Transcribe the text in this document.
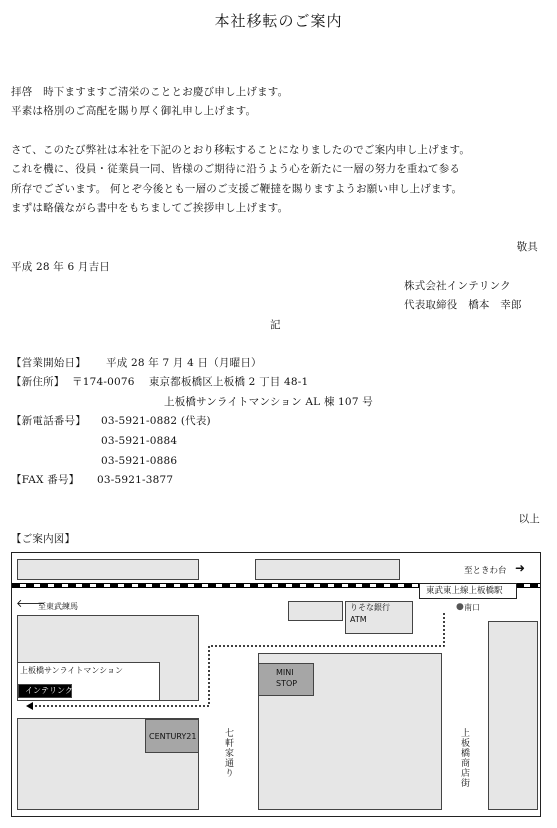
本社移転のご案内
拝啓　時下ますますご清栄のこととお慶び申し上げます。
平素は格別のご高配を賜り厚く御礼申し上げます。
さて、このたび弊社は本社を下記のとおり移転することになりましたのでご案内申し上げます。
これを機に、役員・従業員一同、皆様のご期待に沿うよう心を新たに一層の努力を重ねて参る
所存でございます。 何とぞ今後とも一層のご支援ご鞭撻を賜りますようお願い申し上げます。
まずは略儀ながら書中をもちましてご挨拶申し上げます。
敬具
平成 28 年 6 月吉日
株式会社インテリンク
代表取締役　橋本　幸郎
記
【営業開始日】 平成 28 年 7 月 4 日（月曜日）
【新住所】 〒174-0076　 東京都板橋区上板橋 2 丁目 48-1
上板橋サンライトマンション AL 棟 107 号
【新電話番号】 03-5921-0882 (代表)
03-5921-0884
03-5921-0886
【FAX 番号】 03-5921-3877
以上
【ご案内図】
至ときわ台 ➜
東武東上線上板橋駅
🡐
至東武練馬	りそな銀行
ATM
● 南口
上板橋サンライトマンション
インテリンク
MINI
STOP
CENTURY21	七軒家通り	上板橋商店街
